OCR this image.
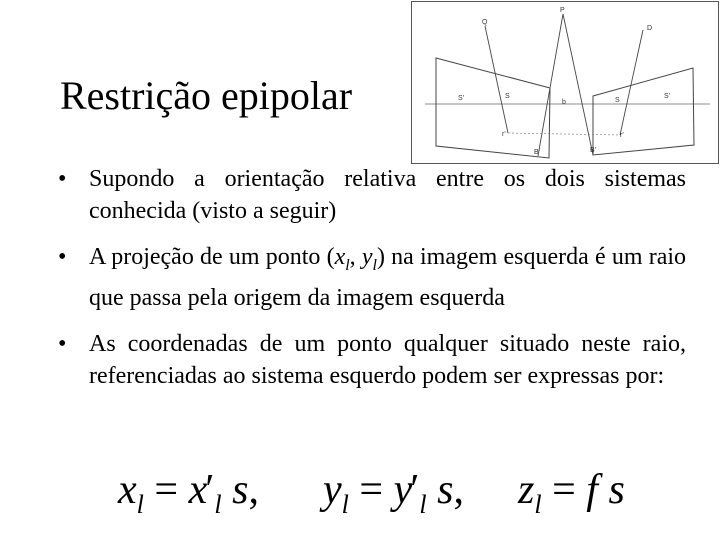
Restrição epipolar
P
Q
D
S'	S
b	S
S'
r'	r'
B'	B'
• Supondo a orientação relativa entre os dois sistemas conhecida (visto a seguir)
• A projeção de um ponto ($x_l$, $y_l$) na imagem esquerda é um raio que passa pela origem da imagem esquerda
• As coordenadas de um ponto qualquer situado neste raio, referenciadas ao sistema esquerdo podem ser expressas por:
$x_l = x'_l$ s, $y_l = y'_l$ s, $z_l = f$ s
